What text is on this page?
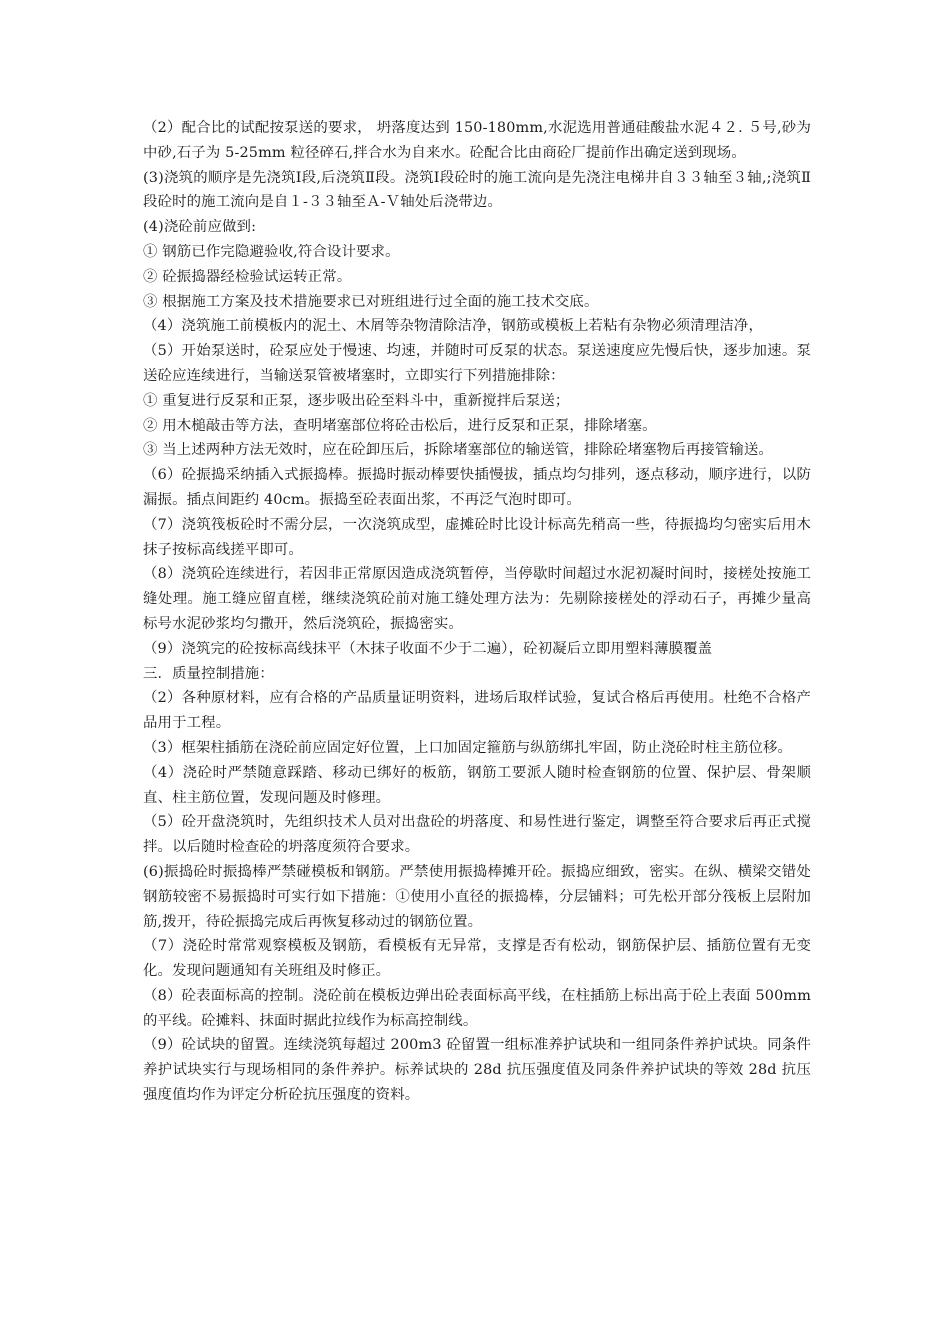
（2）配合比的试配按泵送的要求， 坍落度达到 150-180mm,水泥选用普通硅酸盐水泥４２. ５号,砂为中砂,石子为 5-25mm 粒径碎石,拌合水为自来水。砼配合比由商砼厂提前作出确定送到现场。

(3)浇筑的顺序是先浇筑Ⅰ段,后浇筑Ⅱ段。浇筑Ⅰ段砼时的施工流向是先浇注电梯井自３３轴至３轴,;浇筑Ⅱ段砼时的施工流向是自１-３３轴至Ａ-Ｖ轴处后浇带边。

(4)浇砼前应做到:

① 钢筋已作完隐避验收,符合设计要求。

② 砼振捣器经检验试运转正常。

③ 根据施工方案及技术措施要求已对班组进行过全面的施工技术交底。

（4）浇筑施工前模板内的泥土、木屑等杂物清除洁净，钢筋或模板上若粘有杂物必须清理洁净，

（5）开始泵送时，砼泵应处于慢速、均速，并随时可反泵的状态。泵送速度应先慢后快，逐步加速。泵送砼应连续进行，当输送泵管被堵塞时，立即实行下列措施排除：

① 重复进行反泵和正泵，逐步吸出砼至料斗中，重新搅拌后泵送；

② 用木槌敲击等方法，查明堵塞部位将砼击松后，进行反泵和正泵，排除堵塞。

③ 当上述两种方法无效时，应在砼卸压后，拆除堵塞部位的输送管，排除砼堵塞物后再接管输送。

（6）砼振捣采纳插入式振捣棒。振捣时振动棒要快插慢拔，插点均匀排列，逐点移动，顺序进行，以防漏振。插点间距约 40cm。振捣至砼表面出浆，不再泛气泡时即可。

（7）浇筑筏板砼时不需分层，一次浇筑成型，虚摊砼时比设计标高先稍高一些，待振捣均匀密实后用木抹子按标高线搓平即可。

（8）浇筑砼连续进行，若因非正常原因造成浇筑暂停，当停歇时间超过水泥初凝时间时，接槎处按施工缝处理。施工缝应留直槎，继续浇筑砼前对施工缝处理方法为：先剔除接槎处的浮动石子，再摊少量高标号水泥砂浆均匀撒开，然后浇筑砼，振捣密实。

（9）浇筑完的砼按标高线抹平（木抹子收面不少于二遍），砼初凝后立即用塑料薄膜覆盖

三．质量控制措施：

（2）各种原材料，应有合格的产品质量证明资料，进场后取样试验，复试合格后再使用。杜绝不合格产品用于工程。

（3）框架柱插筋在浇砼前应固定好位置，上口加固定箍筋与纵筋绑扎牢固，防止浇砼时柱主筋位移。

（4）浇砼时严禁随意踩踏、移动已绑好的板筋，钢筋工要派人随时检查钢筋的位置、保护层、骨架顺直、柱主筋位置，发现问题及时修理。

（5）砼开盘浇筑时，先组织技术人员对出盘砼的坍落度、和易性进行鉴定，调整至符合要求后再正式搅拌。以后随时检查砼的坍落度须符合要求。

(6)振捣砼时振捣棒严禁碰模板和钢筋。严禁使用振捣棒摊开砼。振捣应细致，密实。在纵、横梁交错处钢筋较密不易振捣时可实行如下措施：①使用小直径的振捣棒，分层铺料；可先松开部分筏板上层附加筋,拨开，待砼振捣完成后再恢复移动过的钢筋位置。

（7）浇砼时常常观察模板及钢筋，看模板有无异常，支撑是否有松动，钢筋保护层、插筋位置有无变化。发现问题通知有关班组及时修正。

（8）砼表面标高的控制。浇砼前在模板边弹出砼表面标高平线，在柱插筋上标出高于砼上表面 500mm 的平线。砼摊料、抹面时据此拉线作为标高控制线。

（9）砼试块的留置。连续浇筑每超过 200m3 砼留置一组标准养护试块和一组同条件养护试块。同条件养护试块实行与现场相同的条件养护。标养试块的 28d 抗压强度值及同条件养护试块的等效 28d 抗压强度值均作为评定分析砼抗压强度的资料。
